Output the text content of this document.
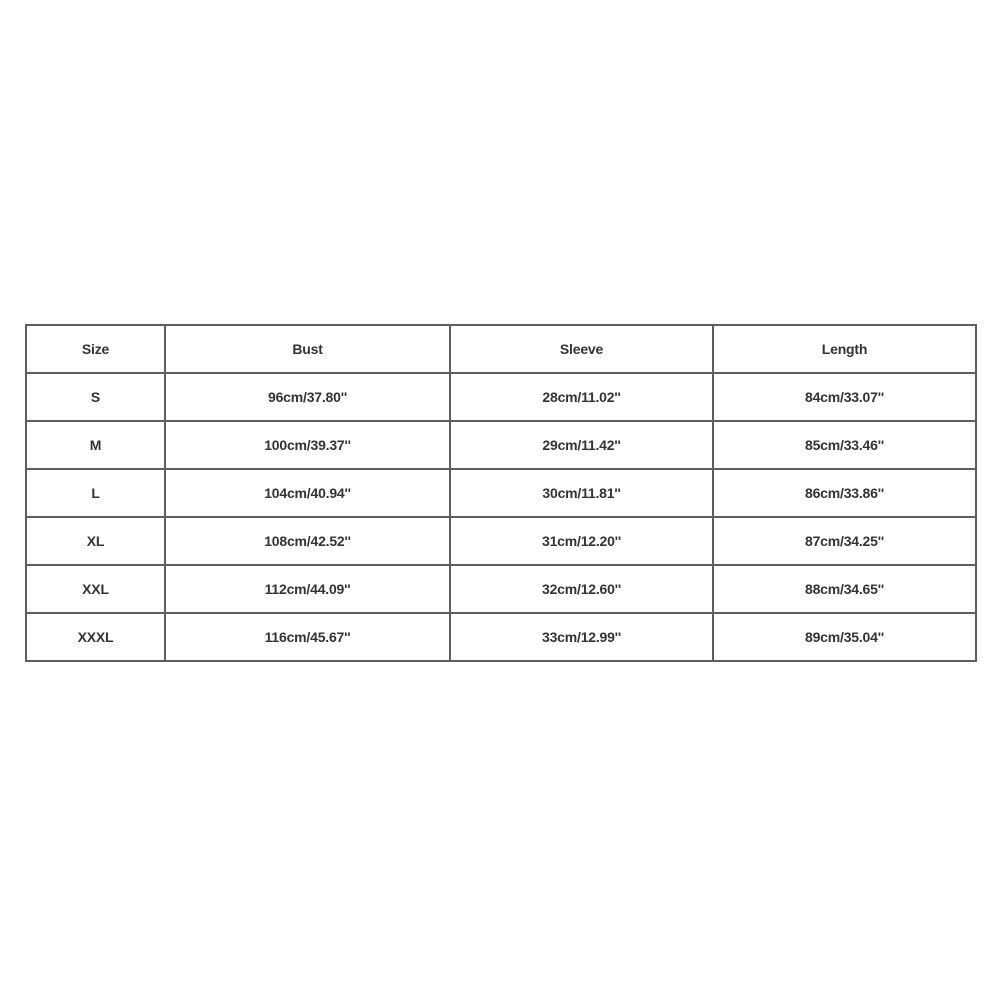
Size	Bust	Sleeve	Length
S	96cm/37.80''	28cm/11.02''	84cm/33.07''
M	100cm/39.37''	29cm/11.42''	85cm/33.46''
L	104cm/40.94''	30cm/11.81''	86cm/33.86''
XL	108cm/42.52''	31cm/12.20''	87cm/34.25''
XXL	112cm/44.09''	32cm/12.60''	88cm/34.65''
XXXL	116cm/45.67''	33cm/12.99''	89cm/35.04''
